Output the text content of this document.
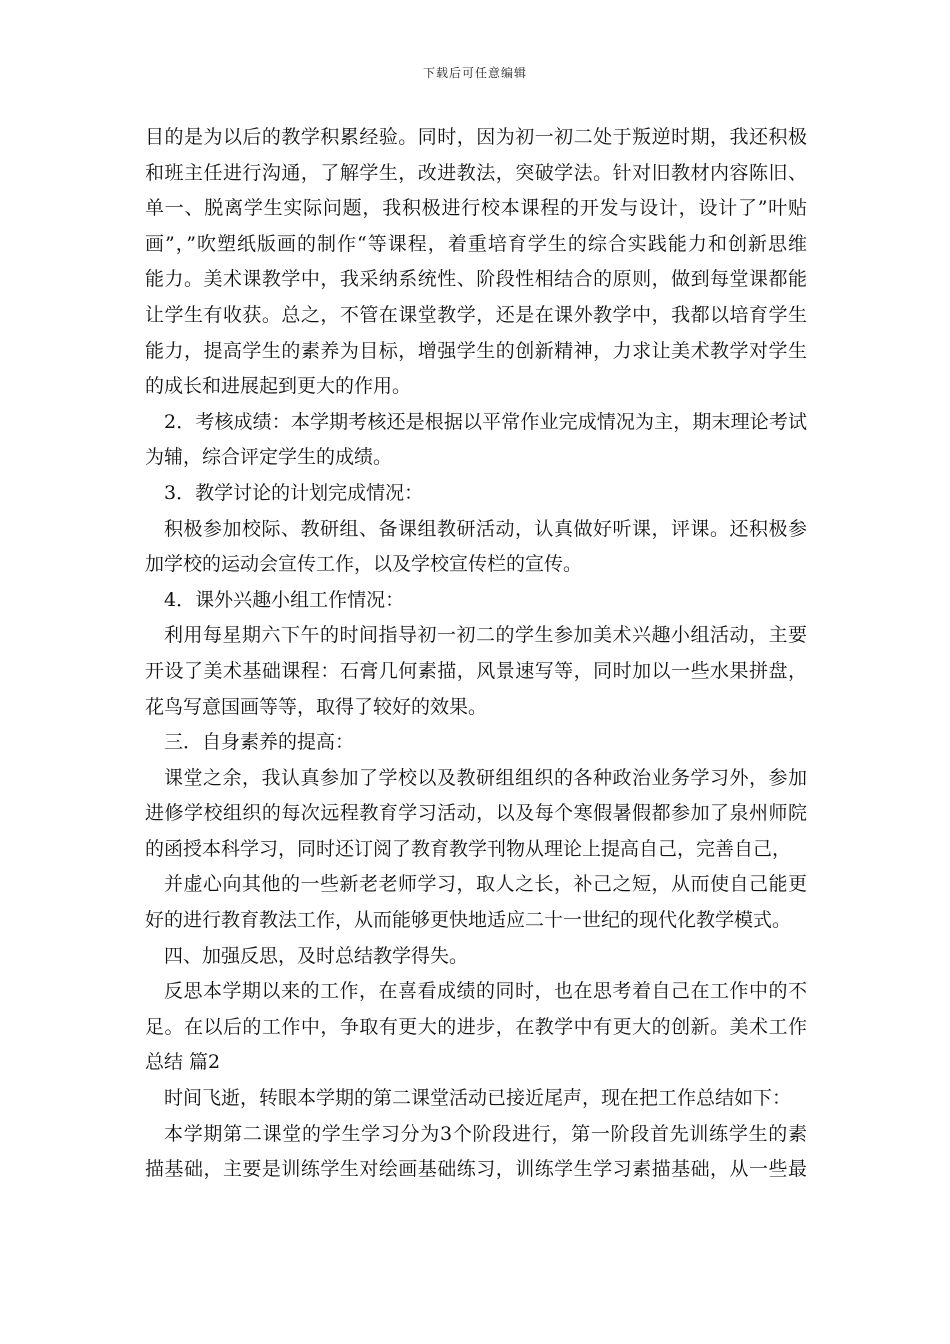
下载后可任意编辑
目的是为以后的教学积累经验。同时，因为初一初二处于叛逆时期，我还积极
和班主任进行沟通，了解学生，改进教法，突破学法。针对旧教材内容陈旧、
单一、脱离学生实际问题，我积极进行校本课程的开发与设计，设计了”叶贴
画”，”吹塑纸版画的制作“等课程，着重培育学生的综合实践能力和创新思维
能力。美术课教学中，我采纳系统性、阶段性相结合的原则，做到每堂课都能
让学生有收获。总之，不管在课堂教学，还是在课外教学中，我都以培育学生
能力，提高学生的素养为目标，增强学生的创新精神，力求让美术教学对学生
的成长和进展起到更大的作用。
2．考核成绩：本学期考核还是根据以平常作业完成情况为主，期末理论考试
为辅，综合评定学生的成绩。
3．教学讨论的计划完成情况：
积极参加校际、教研组、备课组教研活动，认真做好听课，评课。还积极参
加学校的运动会宣传工作，以及学校宣传栏的宣传。
4．课外兴趣小组工作情况：
利用每星期六下午的时间指导初一初二的学生参加美术兴趣小组活动，主要
开设了美术基础课程：石膏几何素描，风景速写等，同时加以一些水果拼盘，
花鸟写意国画等等，取得了较好的效果。
三．自身素养的提高：
课堂之余，我认真参加了学校以及教研组组织的各种政治业务学习外，参加
进修学校组织的每次远程教育学习活动，以及每个寒假暑假都参加了泉州师院
的函授本科学习，同时还订阅了教育教学刊物从理论上提高自己，完善自己，
并虚心向其他的一些新老老师学习，取人之长，补己之短，从而使自己能更
好的进行教育教法工作，从而能够更快地适应二十一世纪的现代化教学模式。
四、加强反思，及时总结教学得失。
反思本学期以来的工作，在喜看成绩的同时，也在思考着自己在工作中的不
足。在以后的工作中，争取有更大的进步，在教学中有更大的创新。美术工作
总结 篇2
时间飞逝，转眼本学期的第二课堂活动已接近尾声，现在把工作总结如下：
本学期第二课堂的学生学习分为3个阶段进行，第一阶段首先训练学生的素
描基础，主要是训练学生对绘画基础练习，训练学生学习素描基础，从一些最
